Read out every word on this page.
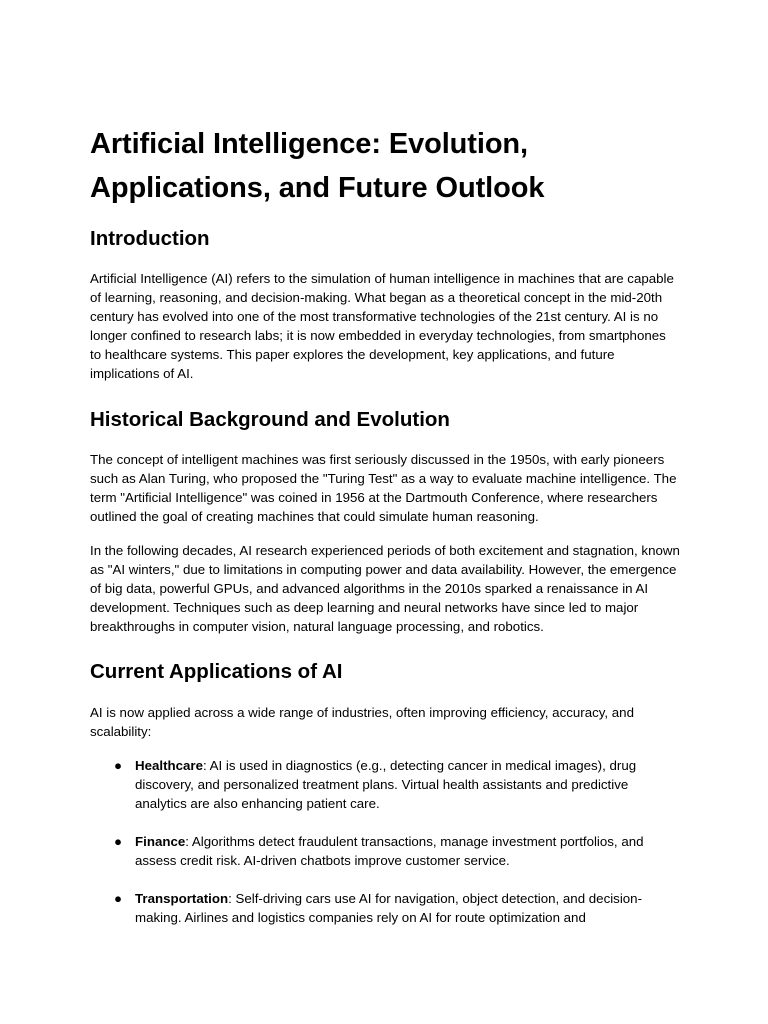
Artificial Intelligence: Evolution, Applications, and Future Outlook
Introduction

Artificial Intelligence (AI) refers to the simulation of human intelligence in machines that are capable of learning, reasoning, and decision-making. What began as a theoretical concept in the mid-20th century has evolved into one of the most transformative technologies of the 21st century. AI is no longer confined to research labs; it is now embedded in everyday technologies, from smartphones to healthcare systems. This paper explores the development, key applications, and future implications of AI.

Historical Background and Evolution

The concept of intelligent machines was first seriously discussed in the 1950s, with early pioneers such as Alan Turing, who proposed the "Turing Test" as a way to evaluate machine intelligence. The term "Artificial Intelligence" was coined in 1956 at the Dartmouth Conference, where researchers outlined the goal of creating machines that could simulate human reasoning.

In the following decades, AI research experienced periods of both excitement and stagnation, known as "AI winters," due to limitations in computing power and data availability. However, the emergence of big data, powerful GPUs, and advanced algorithms in the 2010s sparked a renaissance in AI development. Techniques such as deep learning and neural networks have since led to major breakthroughs in computer vision, natural language processing, and robotics.

Current Applications of AI

AI is now applied across a wide range of industries, often improving efficiency, accuracy, and scalability:

● Healthcare: AI is used in diagnostics (e.g., detecting cancer in medical images), drug discovery, and personalized treatment plans. Virtual health assistants and predictive analytics are also enhancing patient care.
● Finance: Algorithms detect fraudulent transactions, manage investment portfolios, and assess credit risk. AI-driven chatbots improve customer service.
● Transportation: Self-driving cars use AI for navigation, object detection, and decision-making. Airlines and logistics companies rely on AI for route optimization and
